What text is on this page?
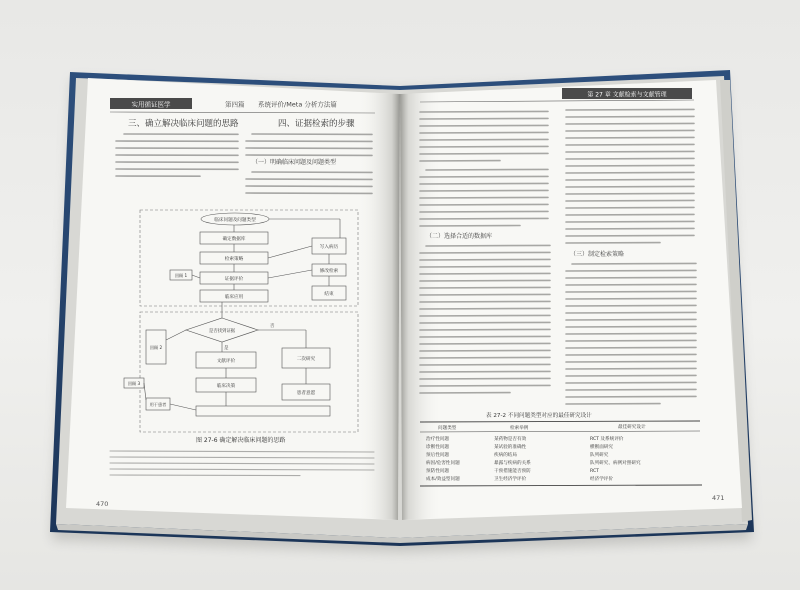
实用循证医学	第四篇 系统评价/Meta 分析方法篇
三、确立解决临床问题的思路	四、证据检索的步骤
（一）明确临床问题及问题类型
临床问题及问题类型
确定数据库
检索策略
证据评价
临床应用
写入病历
修改检索
结束
回顾 1
回顾 2
回顾 3
是否找到证据
文献评价
临床决策
二次研究
患者意愿
用于患者
否
是
图 27-6 确定解决临床问题的思路
470
第 27 章 文献检索与文献管理
（二）选择合适的数据库
（三）制定检索策略
表 27-2 不同问题类型对应的最佳研究设计
问题类型	检索举例	最佳研究设计
治疗性问题	某药物是否有效	RCT 及系统评价
诊断性问题	某试验的准确性	横断面研究
预后性问题	疾病的结局	队列研究
病因/危害性问题	暴露与疾病的关系	队列研究、病例对照研究
预防性问题	干预措施能否预防	RCT
成本/效益型问题	卫生经济学评价	经济学评价
471
